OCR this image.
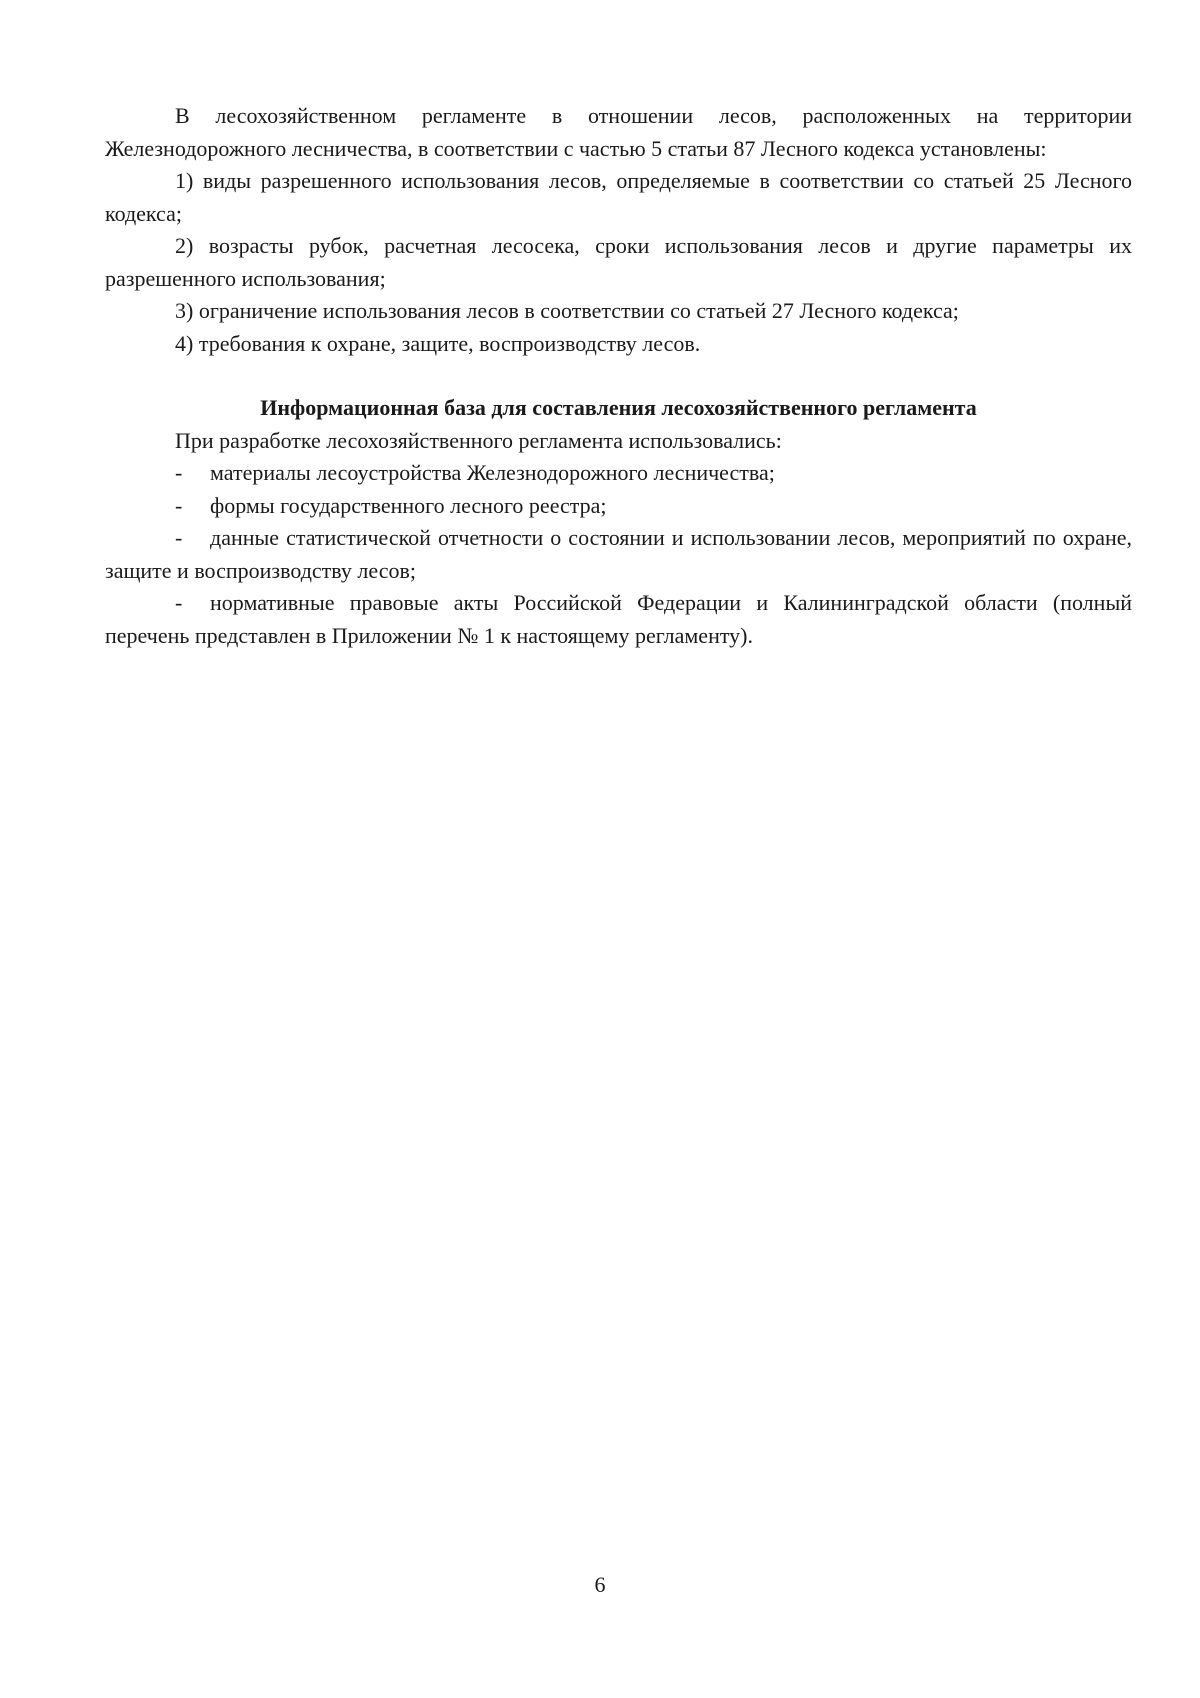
В лесохозяйственном регламенте в отношении лесов, расположенных на территории Железнодорожного лесничества, в соответствии с частью 5 статьи 87 Лесного кодекса установлены:

1) виды разрешенного использования лесов, определяемые в соответствии со статьей 25 Лесного кодекса;

2) возрасты рубок, расчетная лесосека, сроки использования лесов и другие параметры их разрешенного использования;

3) ограничение использования лесов в соответствии со статьей 27 Лесного кодекса;

4) требования к охране, защите, воспроизводству лесов.

Информационная база для составления лесохозяйственного регламента

При разработке лесохозяйственного регламента использовались:

- материалы лесоустройства Железнодорожного лесничества;

- формы государственного лесного реестра;

- данные статистической отчетности о состоянии и использовании лесов, мероприятий по охране, защите и воспроизводству лесов;

- нормативные правовые акты Российской Федерации и Калининградской области (полный перечень представлен в Приложении № 1 к настоящему регламенту).

6
